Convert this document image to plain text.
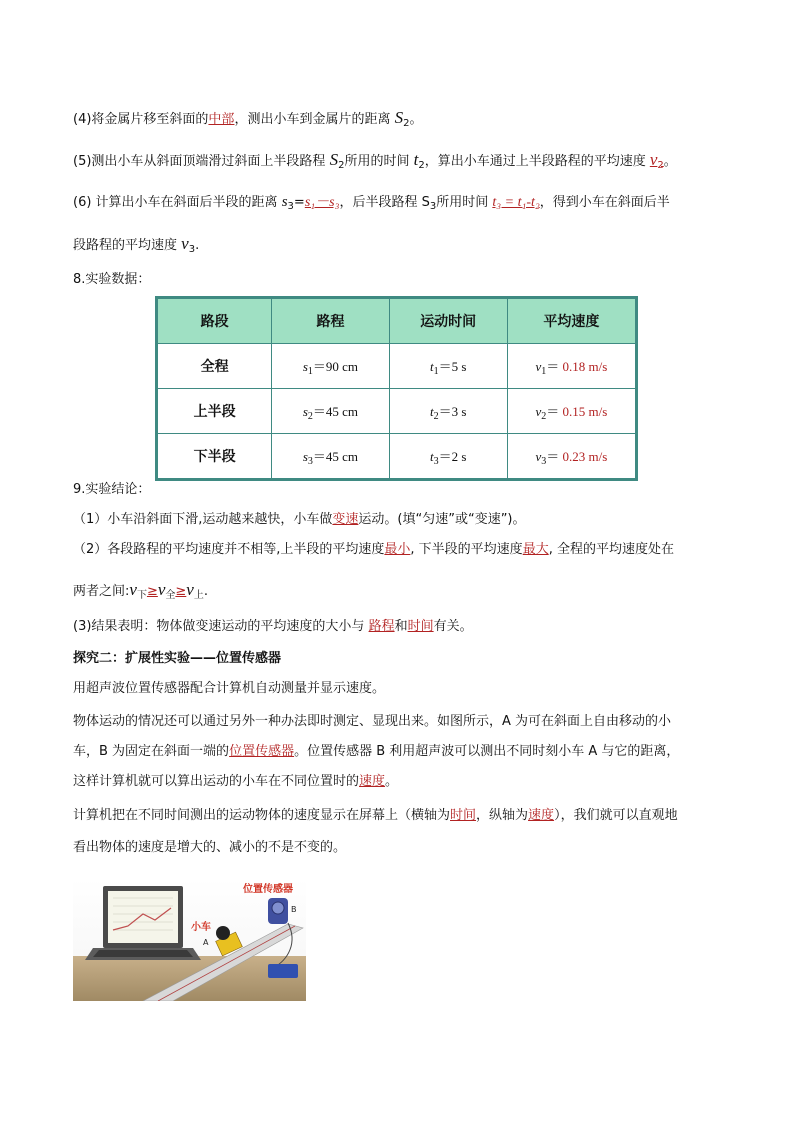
(4)将金属片移至斜面的中部，测出小车到金属片的距离 $S_2$。
(5)测出小车从斜面顶端滑过斜面上半段路程 $S_2$所用的时间 $t_2$，算出小车通过上半段路程的平均速度 $v_2$。
(6) 计算出小车在斜面后半段的距离 $s_3=s_1-s_3$，后半段路程 $S_3$所用时间 t₃ = t₁-t₂，得到小车在斜面后半
段路程的平均速度 $v_3$.
8.实验数据：
路段	路程	运动时间	平均速度
全程	$s_1=90$ cm	$t_1=5$ s	$v_1= 0.18$ m/s
上半段	$s_2=45$ cm	$t_2=3$ s	$v_2= 0.15$ m/s
下半段	$s_3=45$ cm	$t_3=2$ s	$v_3= 0.23$ m/s
9.实验结论：
（1）小车沿斜面下滑,运动越来越快，小车做变速运动。(填“匀速”或“变速”)。
（2）各段路程的平均速度并不相等,上半段的平均速度最小, 下半段的平均速度最大, 全程的平均速度处在
两者之间$:v_下\ge v_全\ge v_上$.
(3)结果表明：物体做变速运动的平均速度的大小与 路程和时间有关。
探究二：扩展性实验——位置传感器
用超声波位置传感器配合计算机自动测量并显示速度。
物体运动的情况还可以通过另外一种办法即时测定、显现出来。如图所示，A 为可在斜面上自由移动的小
车，B 为固定在斜面一端的位置传感器。位置传感器 B 利用超声波可以测出不同时刻小车 A 与它的距离，
这样计算机就可以算出运动的小车在不同位置时的速度。
计算机把在不同时间测出的运动物体的速度显示在屏幕上（横轴为时间，纵轴为速度），我们就可以直观地
看出物体的速度是增大的、减小的不是不变的。
位置传感器
B
小车
A
